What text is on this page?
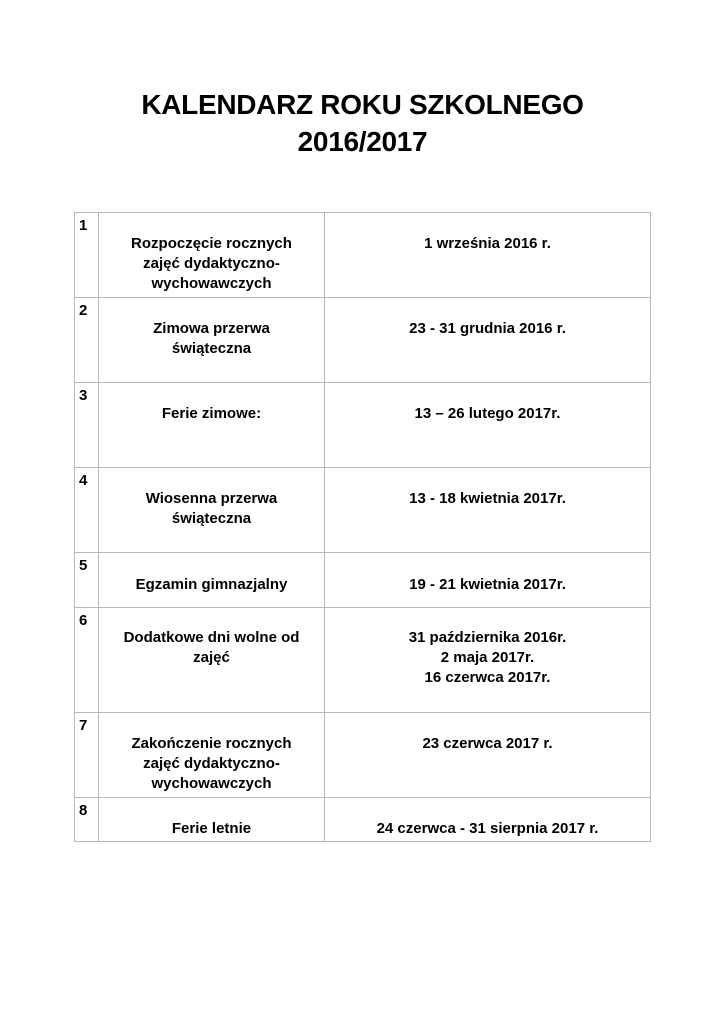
KALENDARZ ROKU SZKOLNEGO
2016/2017
1	Rozpoczęcie rocznych
zajęć dydaktyczno-
wychowawczych	1 września 2016 r.

2	Zimowa przerwa
świąteczna	23 - 31 grudnia 2016 r.

3	Ferie zimowe:	13 – 26 lutego 2017r.

4	Wiosenna przerwa
świąteczna	13 - 18 kwietnia 2017r.

5	Egzamin gimnazjalny	19 - 21 kwietnia 2017r.

6	Dodatkowe dni wolne od
zajęć	31 października 2016r.
2 maja 2017r.
16 czerwca 2017r.

7	Zakończenie rocznych
zajęć dydaktyczno-
wychowawczych	23 czerwca 2017 r.

8	Ferie letnie	24 czerwca - 31 sierpnia 2017 r.
